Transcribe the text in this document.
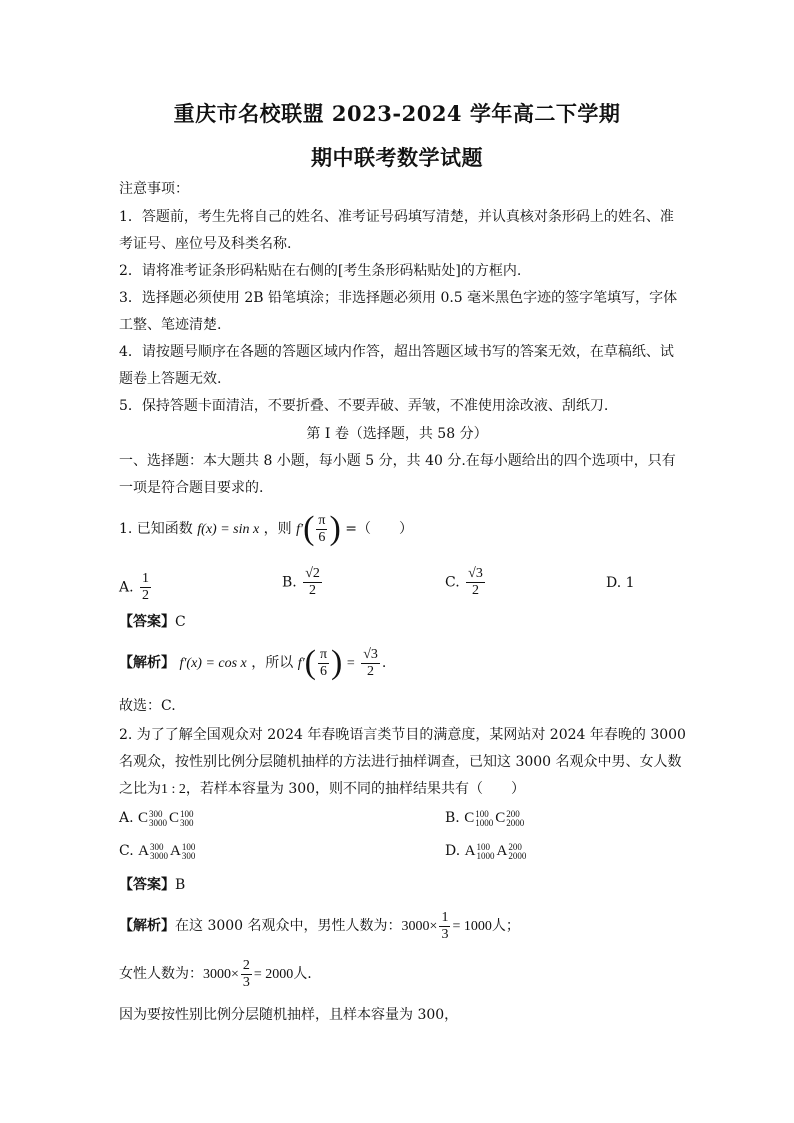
重庆市名校联盟 2023-2024 学年高二下学期
期中联考数学试题
注意事项：
1．答题前，考生先将自己的姓名、准考证号码填写清楚，并认真核对条形码上的姓名、准
考证号、座位号及科类名称.
2．请将准考证条形码粘贴在右侧的[考生条形码粘贴处]的方框内.
3．选择题必须使用 2B 铅笔填涂；非选择题必须用 0.5 毫米黑色字迹的签字笔填写，字体
工整、笔迹清楚.
4．请按题号顺序在各题的答题区域内作答，超出答题区域书写的答案无效，在草稿纸、试
题卷上答题无效.
5．保持答题卡面清洁，不要折叠、不要弄破、弄皱，不准使用涂改液、刮纸刀.
第 I 卷（选择题，共 58 分）
一、选择题：本大题共 8 小题，每小题 5 分，共 40 分.在每小题给出的四个选项中，只有
一项是符合题目要求的.
1. 已知函数 f(x) = sin x ，则 $f'( \frac{\pi}{6}$ ) =（　　）
A. $\frac{1}{2}$	B. $\frac{√2}{2}$	C. $\frac{√3}{2}$	D. 1
【答案】C
【解析】 f′(x) = cos x ，所以 $f'( \frac{\pi}{6}$ ) = $\frac{√3}{2}$ .
故选：C.
2. 为了了解全国观众对 2024 年春晚语言类节目的满意度，某网站对 2024 年春晚的 3000
名观众，按性别比例分层随机抽样的方法进行抽样调查，已知这 3000 名观众中男、女人数
之比为1 : 2，若样本容量为 300，则不同的抽样结果共有（　　）
A. C 300
3000 C 100
300	B. C 100
1000 C 200
2000
C. A 300
3000 A 100
300	D. A 100
1000 A 200
2000
【答案】B
【解析】在这 3000 名观众中，男性人数为：$3000\times \frac{1}{3} = 1000$人；
女性人数为：$3000\times \frac{2}{3} = 2000$人.
因为要按性别比例分层随机抽样，且样本容量为 300，
